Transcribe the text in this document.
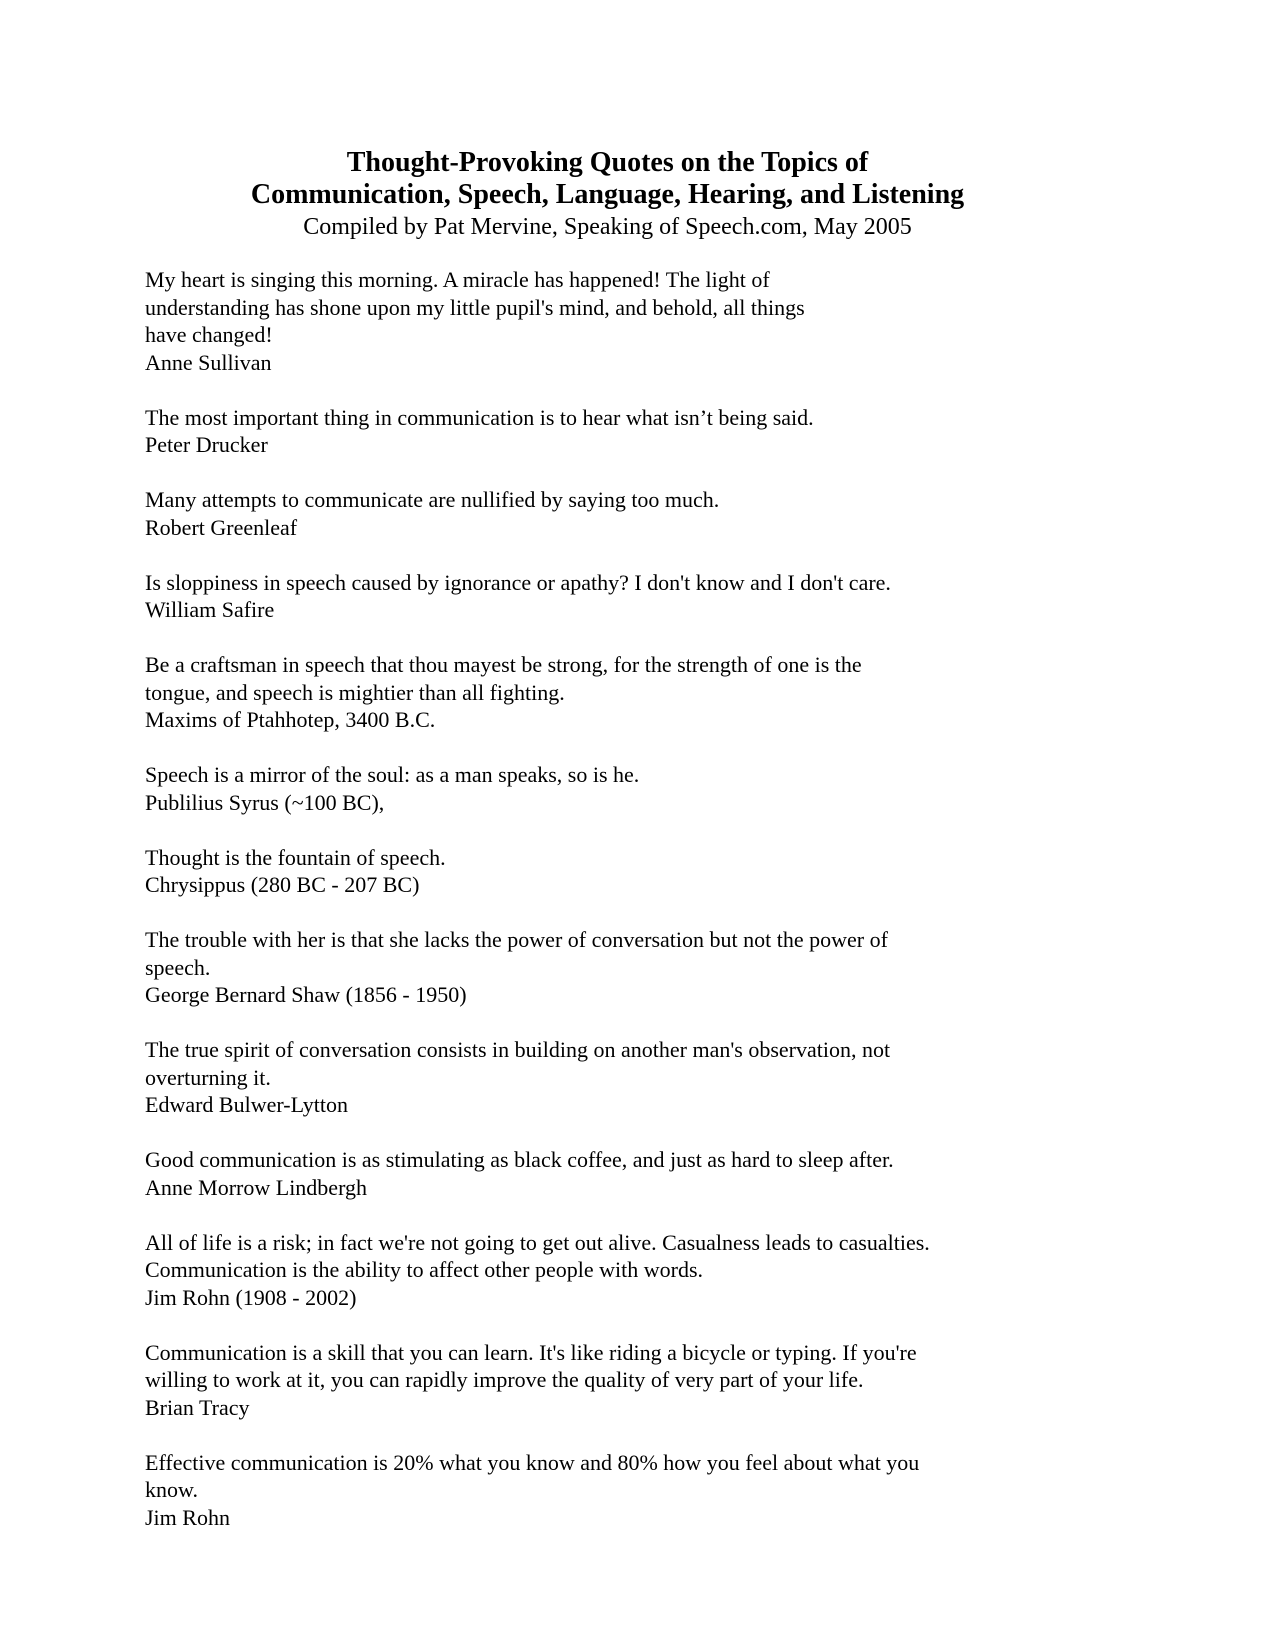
Thought-Provoking Quotes on the Topics of
Communication, Speech, Language, Hearing, and Listening
Compiled by Pat Mervine, Speaking of Speech.com, May 2005
My heart is singing this morning. A miracle has happened! The light of
understanding has shone upon my little pupil's mind, and behold, all things
have changed!
Anne Sullivan
The most important thing in communication is to hear what isn’t being said.
Peter Drucker
Many attempts to communicate are nullified by saying too much.
Robert Greenleaf
Is sloppiness in speech caused by ignorance or apathy? I don't know and I don't care.
William Safire
Be a craftsman in speech that thou mayest be strong, for the strength of one is the
tongue, and speech is mightier than all fighting.
Maxims of Ptahhotep, 3400 B.C.
Speech is a mirror of the soul: as a man speaks, so is he.
Publilius Syrus (~100 BC),
Thought is the fountain of speech.
Chrysippus (280 BC - 207 BC)
The trouble with her is that she lacks the power of conversation but not the power of
speech.
George Bernard Shaw (1856 - 1950)
The true spirit of conversation consists in building on another man's observation, not
overturning it.
Edward Bulwer-Lytton
Good communication is as stimulating as black coffee, and just as hard to sleep after.
Anne Morrow Lindbergh
All of life is a risk; in fact we're not going to get out alive. Casualness leads to casualties.
Communication is the ability to affect other people with words.
Jim Rohn (1908 - 2002)
Communication is a skill that you can learn. It's like riding a bicycle or typing. If you're
willing to work at it, you can rapidly improve the quality of very part of your life.
Brian Tracy
Effective communication is 20% what you know and 80% how you feel about what you
know.
Jim Rohn
